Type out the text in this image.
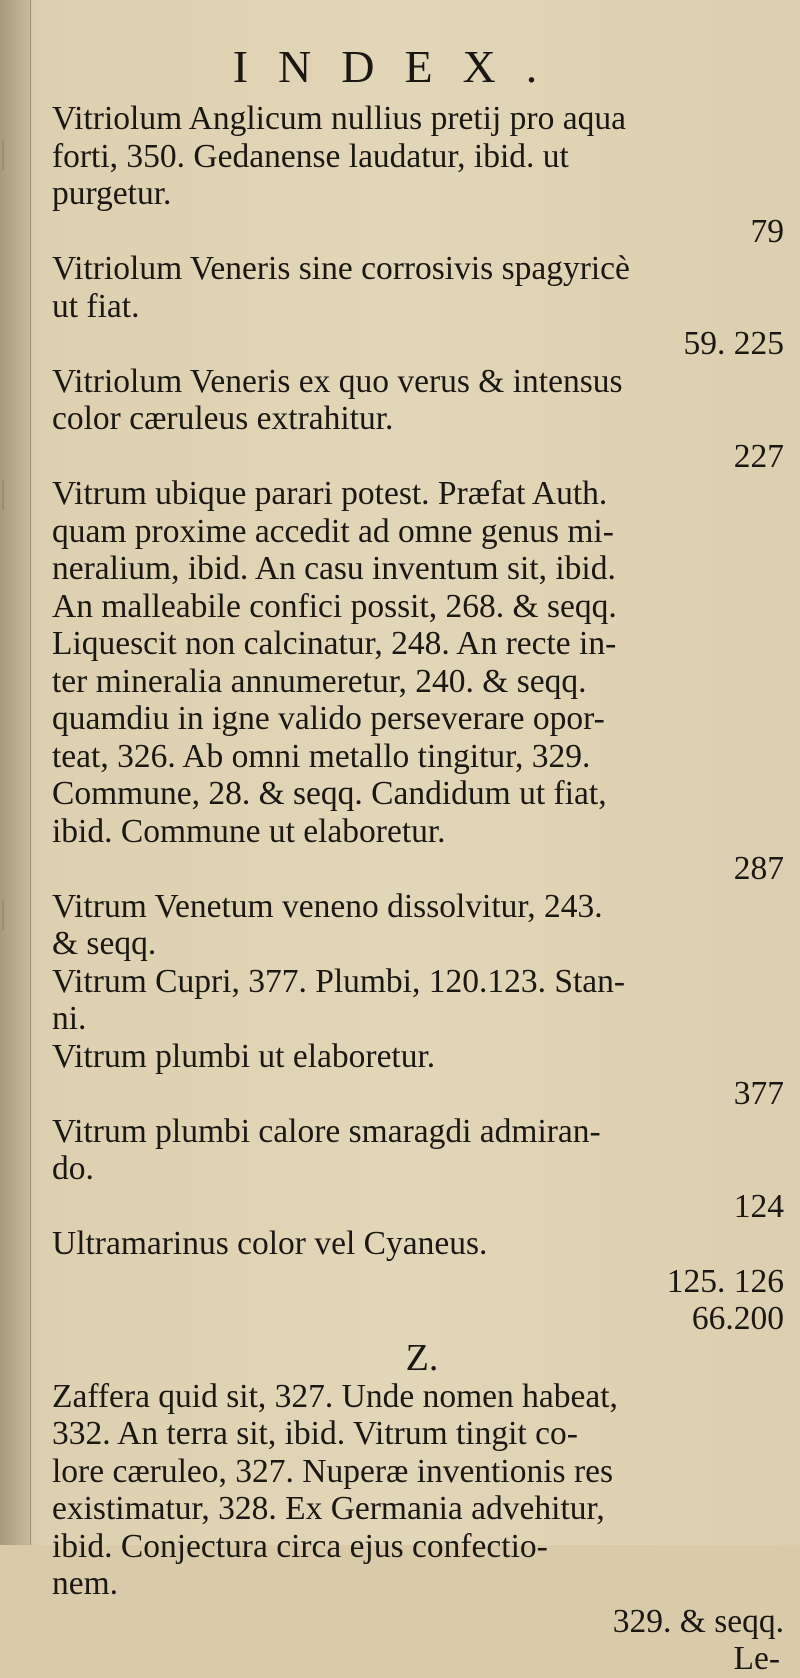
INDEX.
Vitriolum Anglicum nullius pretij pro aqua
forti, 350. Gedanense laudatur, ibid. ut
purgetur.
79
Vitriolum Veneris sine corrosivis spagyricè
ut fiat.
59. 225
Vitriolum Veneris ex quo verus & intensus
color cæruleus extrahitur.
227
Vitrum ubique parari potest. Præfat Auth.
quam proxime accedit ad omne genus mi-
neralium, ibid. An casu inventum sit, ibid.
An malleabile confici possit, 268. & seqq.
Liquescit non calcinatur, 248. An recte in-
ter mineralia annumeretur, 240. & seqq.
quamdiu in igne valido perseverare opor-
teat, 326. Ab omni metallo tingitur, 329.
Commune, 28. & seqq. Candidum ut fiat,
ibid. Commune ut elaboretur.
287
Vitrum Venetum veneno dissolvitur, 243.
& seqq.
Vitrum Cupri, 377. Plumbi, 120.123. Stan-
ni.
Vitrum plumbi ut elaboretur.
377
Vitrum plumbi calore smaragdi admiran-
do.
124
Ultramarinus color vel Cyaneus.
125. 126
66.200
Z.
Zaffera quid sit, 327. Unde nomen habeat,
332. An terra sit, ibid. Vitrum tingit co-
lore cæruleo, 327. Nuperæ inventionis res
existimatur, 328. Ex Germania advehitur,
ibid. Conjectura circa ejus confectio-
nem.
329. & seqq.
Le-
